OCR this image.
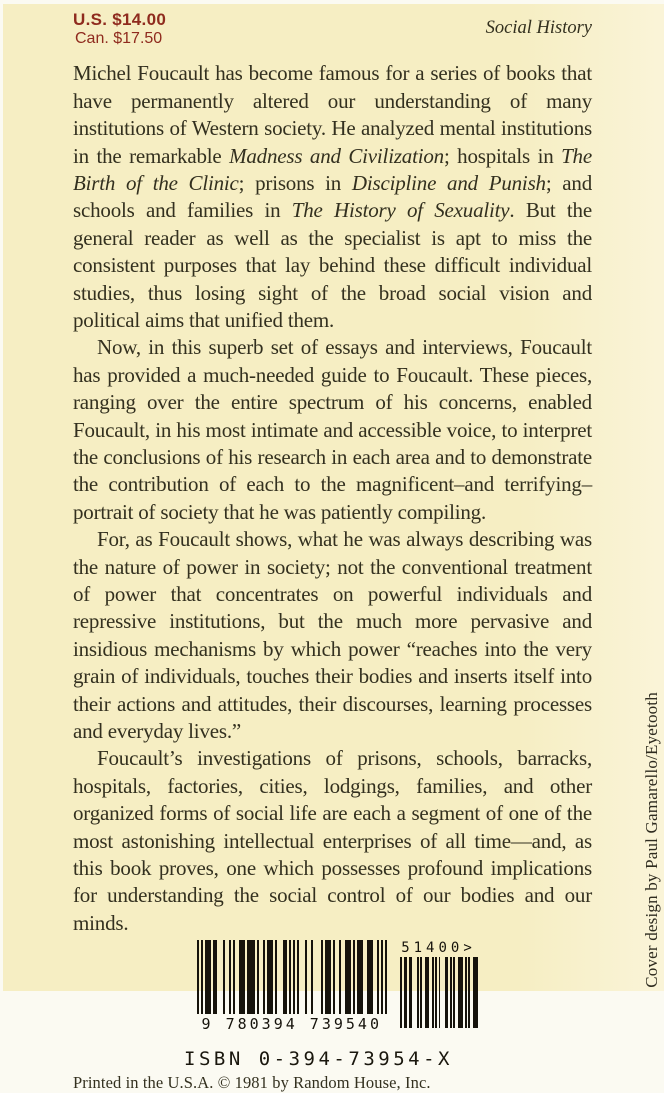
U.S. $14.00
Can. $17.50
Social History

Michel Foucault has become famous for a series of books that have permanently altered our understanding of many institutions of Western society. He analyzed mental institutions in the remarkable Madness and Civilization; hospitals in The Birth of the Clinic; prisons in Discipline and Punish; and schools and families in The History of Sexuality. But the general reader as well as the specialist is apt to miss the consistent purposes that lay behind these difficult individual studies, thus losing sight of the broad social vision and political aims that unified them.

Now, in this superb set of essays and interviews, Foucault has provided a much-needed guide to Foucault. These pieces, ranging over the entire spectrum of his concerns, enabled Foucault, in his most intimate and accessible voice, to interpret the conclusions of his research in each area and to demonstrate the contribution of each to the magnificent–and terrifying–portrait of society that he was patiently compiling.

For, as Foucault shows, what he was always describing was the nature of power in society; not the conventional treatment of power that concentrates on powerful individuals and repressive institutions, but the much more pervasive and insidious mechanisms by which power “reaches into the very grain of individuals, touches their bodies and inserts itself into their actions and attitudes, their discourses, learning processes and everyday lives.”

Foucault’s investigations of prisons, schools, barracks, hospitals, factories, cities, lodgings, families, and other organized forms of social life are each a segment of one of the most astonishing intellectual enterprises of all time—and, as this book proves, one which possesses profound implications for understanding the social control of our bodies and our minds.

9 780394 739540
51400>
ISBN 0-394-73954-X
Printed in the U.S.A. © 1981 by Random House, Inc.
Cover design by Paul Gamarello/Eyetooth
